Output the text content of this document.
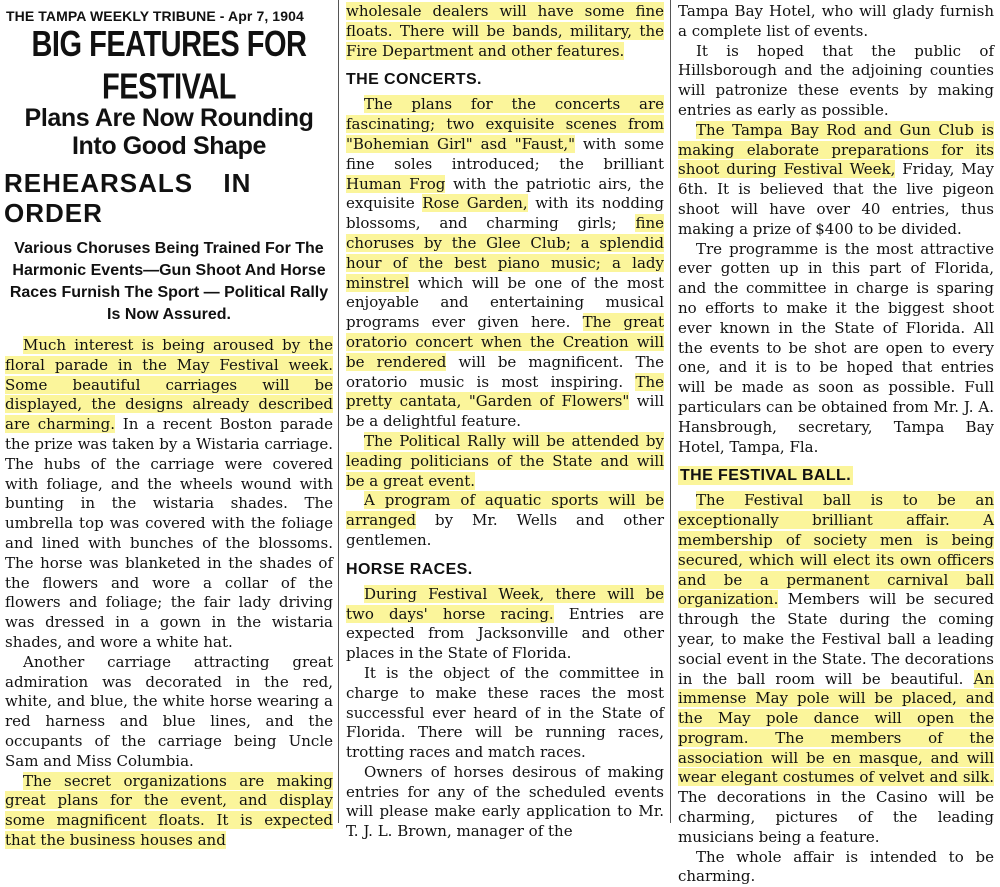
THE TAMPA WEEKLY TRIBUNE - Apr 7, 1904
BIG FEATURES FOR FESTIVAL
Plans Are Now Rounding Into Good Shape
REHEARSALS IN ORDER
Various Choruses Being Trained For The Harmonic Events—Gun Shoot And Horse Races Furnish The Sport — Political Rally Is Now Assured.

Much interest is being aroused by the floral parade in the May Festival week. Some beautiful carriages will be displayed, the designs already described are charming. In a recent Boston parade the prize was taken by a Wistaria carriage. The hubs of the carriage were covered with foliage, and the wheels wound with bunting in the wistaria shades. The umbrella top was covered with the foliage and lined with bunches of the blossoms. The horse was blanketed in the shades of the flowers and wore a collar of the flowers and foliage; the fair lady driving was dressed in a gown in the wistaria shades, and wore a white hat.

Another carriage attracting great admiration was decorated in the red, white, and blue, the white horse wearing a red harness and blue lines, and the occupants of the carriage being Uncle Sam and Miss Columbia.

The secret organizations are making great plans for the event, and display some magnificent floats. It is expected that the business houses and

wholesale dealers will have some fine floats. There will be bands, military, the Fire Department and other features.

THE CONCERTS.

The plans for the concerts are fascinating; two exquisite scenes from "Bohemian Girl" asd "Faust," with some fine soles introduced; the brilliant Human Frog with the patriotic airs, the exquisite Rose Garden, with its nodding blossoms, and charming girls; fine choruses by the Glee Club; a splendid hour of the best piano music; a lady minstrel which will be one of the most enjoyable and entertaining musical programs ever given here. The great oratorio concert when the Creation will be rendered will be magnificent. The oratorio music is most inspiring. The pretty cantata, "Garden of Flowers" will be a delightful feature.

The Political Rally will be attended by leading politicians of the State and will be a great event.

A program of aquatic sports will be arranged by Mr. Wells and other gentlemen.

HORSE RACES.

During Festival Week, there will be two days' horse racing. Entries are expected from Jacksonville and other places in the State of Florida.

It is the object of the committee in charge to make these races the most successful ever heard of in the State of Florida. There will be running races, trotting races and match races.

Owners of horses desirous of making entries for any of the scheduled events will please make early application to Mr. T. J. L. Brown, manager of the

Tampa Bay Hotel, who will glady furnish a complete list of events.

It is hoped that the public of Hillsborough and the adjoining counties will patronize these events by making entries as early as possible.

The Tampa Bay Rod and Gun Club is making elaborate preparations for its shoot during Festival Week, Friday, May 6th. It is believed that the live pigeon shoot will have over 40 entries, thus making a prize of $400 to be divided.

Tre programme is the most attractive ever gotten up in this part of Florida, and the committee in charge is sparing no efforts to make it the biggest shoot ever known in the State of Florida. All the events to be shot are open to every one, and it is to be hoped that entries will be made as soon as possible. Full particulars can be obtained from Mr. J. A. Hansbrough, secretary, Tampa Bay Hotel, Tampa, Fla.

THE FESTIVAL BALL.

The Festival ball is to be an exceptionally brilliant affair. A membership of society men is being secured, which will elect its own officers and be a permanent carnival ball organization. Members will be secured through the State during the coming year, to make the Festival ball a leading social event in the State. The decorations in the ball room will be beautiful. An immense May pole will be placed, and the May pole dance will open the program. The members of the association will be en masque, and will wear elegant costumes of velvet and silk. The decorations in the Casino will be charming, pictures of the leading musicians being a feature.

The whole affair is intended to be charming.
